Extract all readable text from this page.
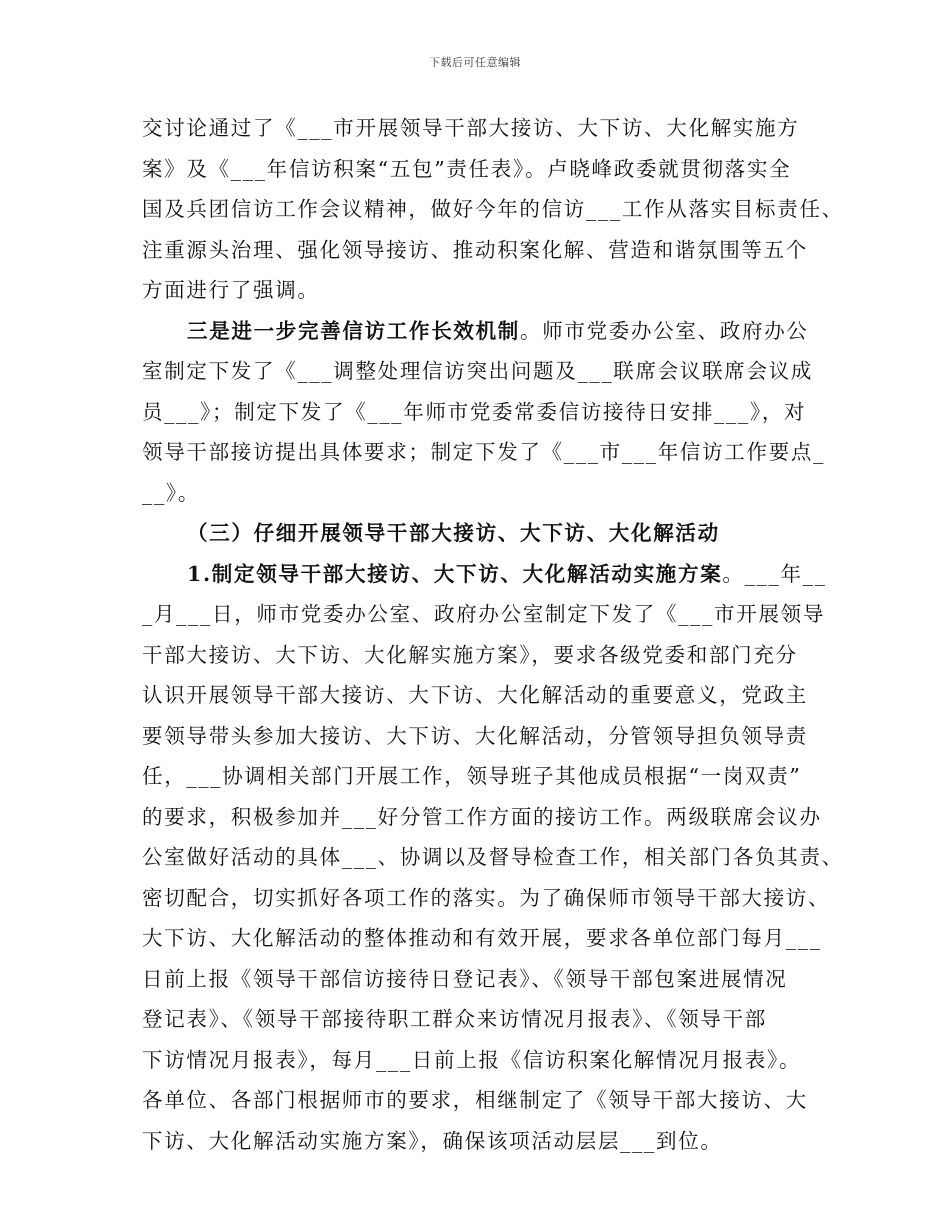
下载后可任意编辑
交讨论通过了《___市开展领导干部大接访、大下访、大化解实施方
案》及《___年信访积案“五包”责任表》。卢晓峰政委就贯彻落实全
国及兵团信访工作会议精神，做好今年的信访___工作从落实目标责任、
注重源头治理、强化领导接访、推动积案化解、营造和谐氛围等五个
方面进行了强调。
三是进一步完善信访工作长效机制。师市党委办公室、政府办公
室制定下发了《___调整处理信访突出问题及___联席会议联席会议成
员___》；制定下发了《___年师市党委常委信访接待日安排___》，对
领导干部接访提出具体要求；制定下发了《___市___年信访工作要点_
__》。
（三）仔细开展领导干部大接访、大下访、大化解活动
1.制定领导干部大接访、大下访、大化解活动实施方案。___年__
_月___日，师市党委办公室、政府办公室制定下发了《___市开展领导
干部大接访、大下访、大化解实施方案》，要求各级党委和部门充分
认识开展领导干部大接访、大下访、大化解活动的重要意义，党政主
要领导带头参加大接访、大下访、大化解活动，分管领导担负领导责
任，___协调相关部门开展工作，领导班子其他成员根据“一岗双责”
的要求，积极参加并___好分管工作方面的接访工作。两级联席会议办
公室做好活动的具体___、协调以及督导检查工作，相关部门各负其责、
密切配合，切实抓好各项工作的落实。为了确保师市领导干部大接访、
大下访、大化解活动的整体推动和有效开展，要求各单位部门每月___
日前上报《领导干部信访接待日登记表》、《领导干部包案进展情况
登记表》、《领导干部接待职工群众来访情况月报表》、《领导干部
下访情况月报表》，每月___日前上报《信访积案化解情况月报表》。
各单位、各部门根据师市的要求，相继制定了《领导干部大接访、大
下访、大化解活动实施方案》，确保该项活动层层___到位。
